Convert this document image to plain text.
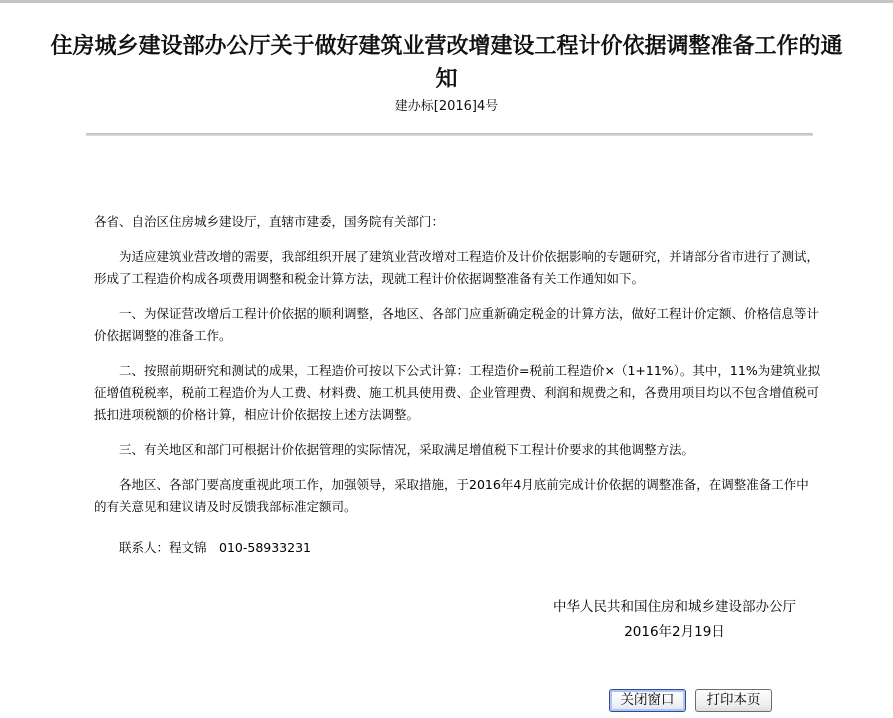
住房城乡建设部办公厅关于做好建筑业营改增建设工程计价依据调整准备工作的通知
建办标[2016]4号

各省、自治区住房城乡建设厅，直辖市建委，国务院有关部门：

为适应建筑业营改增的需要，我部组织开展了建筑业营改增对工程造价及计价依据影响的专题研究，并请部分省市进行了测试，形成了工程造价构成各项费用调整和税金计算方法，现就工程计价依据调整准备有关工作通知如下。

一、为保证营改增后工程计价依据的顺利调整，各地区、各部门应重新确定税金的计算方法，做好工程计价定额、价格信息等计价依据调整的准备工作。

二、按照前期研究和测试的成果，工程造价可按以下公式计算：工程造价=税前工程造价×（1+11%）。其中，11%为建筑业拟征增值税税率，税前工程造价为人工费、材料费、施工机具使用费、企业管理费、利润和规费之和，各费用项目均以不包含增值税可抵扣进项税额的价格计算，相应计价依据按上述方法调整。

三、有关地区和部门可根据计价依据管理的实际情况，采取满足增值税下工程计价要求的其他调整方法。

各地区、各部门要高度重视此项工作，加强领导，采取措施，于2016年4月底前完成计价依据的调整准备，在调整准备工作中的有关意见和建议请及时反馈我部标准定额司。

联系人：程文锦　010-58933231

中华人民共和国住房和城乡建设部办公厅
2016年2月19日
关闭窗口	打印本页
